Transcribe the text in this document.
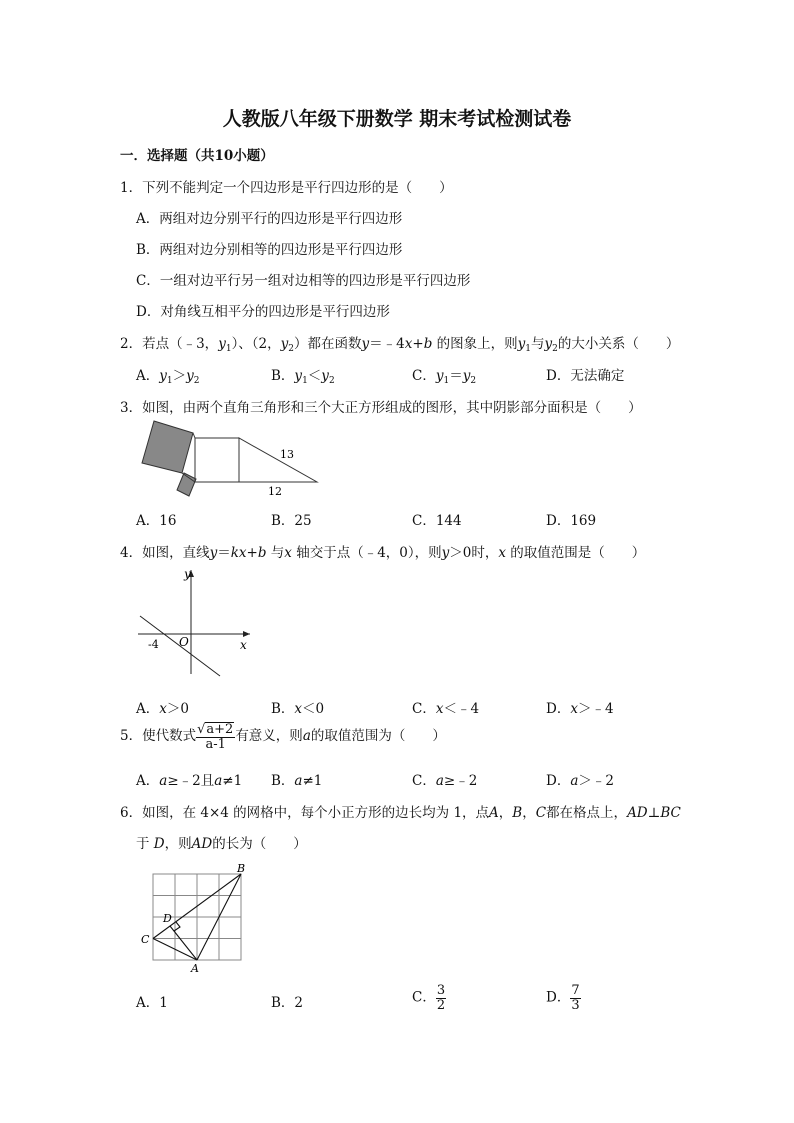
人教版八年级下册数学 期末考试检测试卷
一．选择题（共10小题）
1．下列不能判定一个四边形是平行四边形的是（　　）
A．两组对边分别平行的四边形是平行四边形
B．两组对边分别相等的四边形是平行四边形
C．一组对边平行另一组对边相等的四边形是平行四边形
D．对角线互相平分的四边形是平行四边形
2．若点（﹣3，$y_1$）、（2，$y_2$）都在函数y＝﹣4x+b 的图象上，则$y_1$与$y_2$的大小关系（　　）
A．$y_1>y_2$	B．$y_1<y_2$	C．$y_1=y_2$	D．无法确定
3．如图，由两个直角三角形和三个大正方形组成的图形，其中阴影部分面积是（　　）
13
12
A．16	B．25	C．144	D．169
4．如图，直线y＝kx+b 与x 轴交于点（﹣4，0），则y＞0时，x 的取值范围是（　　）
y
x
O
-4
A．x＞0	B．x＜0	C．x＜﹣4	D．x＞﹣4
5．使代数式 $\frac{√a+2}{a-1}$ 有意义，则a的取值范围为（　　）
A．a≥﹣2且a≠1 B．a≠1	C．a≥﹣2	D．a＞﹣2
6．如图，在 4×4 的网格中，每个小正方形的边长均为 1，点A，B，C都在格点上，AD⊥BC
于 D，则AD的长为（　　）
B
C
A
D
A．1	B．2	C． $\frac{3}{2}$	D． $\frac{7}{3}$
